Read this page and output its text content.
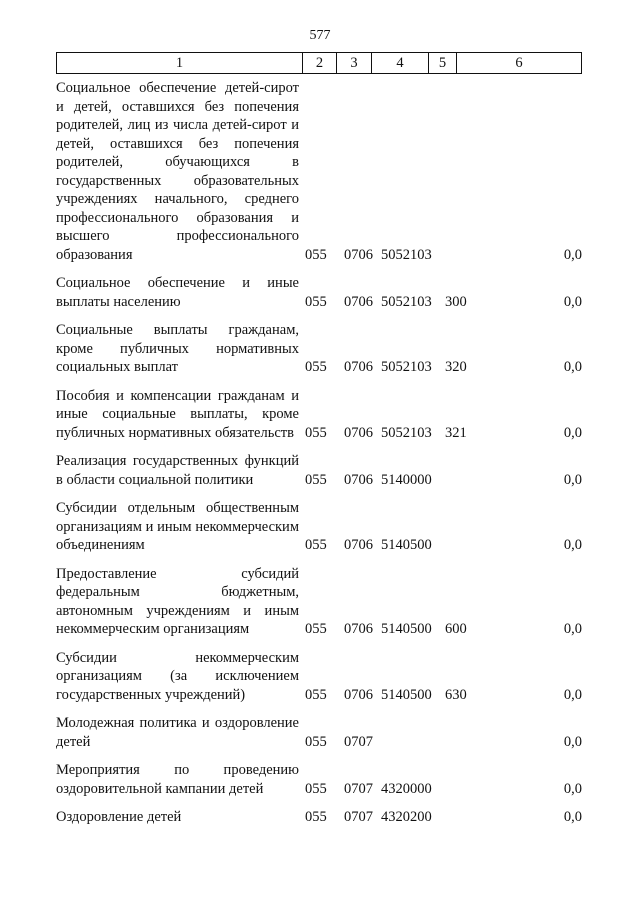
577
1	2	3	4	5	6
Социальное обеспечение детей-сирот и детей, оставшихся без попечения родителей, лиц из числа детей-сирот и детей, оставшихся без попечения родителей, обучающихся в государственных образовательных учреждениях начального, среднего профессионального образования и высшего профессионального образования	055 0706 5052103	0,0
Социальное обеспечение и иные выплаты населению	055 0706 5052103 300	0,0
Социальные выплаты гражданам, кроме публичных нормативных социальных выплат	055 0706 5052103 320	0,0
Пособия и компенсации гражданам и иные социальные выплаты, кроме публичных нормативных обязательств 055 0706 5052103 321	0,0
Реализация государственных функций в области социальной политики	055 0706 5140000	0,0
Субсидии отдельным общественным организациям и иным некоммерческим объединениям	055 0706 5140500	0,0
Предоставление субсидий федеральным бюджетным, автономным учреждениям и иным некоммерческим организациям	055 0706 5140500 600	0,0
Субсидии некоммерческим организациям (за исключением государственных учреждений)	055 0706 5140500 630	0,0
Молодежная политика и оздоровление детей	055 0707	0,0
Мероприятия по проведению оздоровительной кампании детей	055 0707 4320000	0,0
Оздоровление детей	055 0707 4320200	0,0
